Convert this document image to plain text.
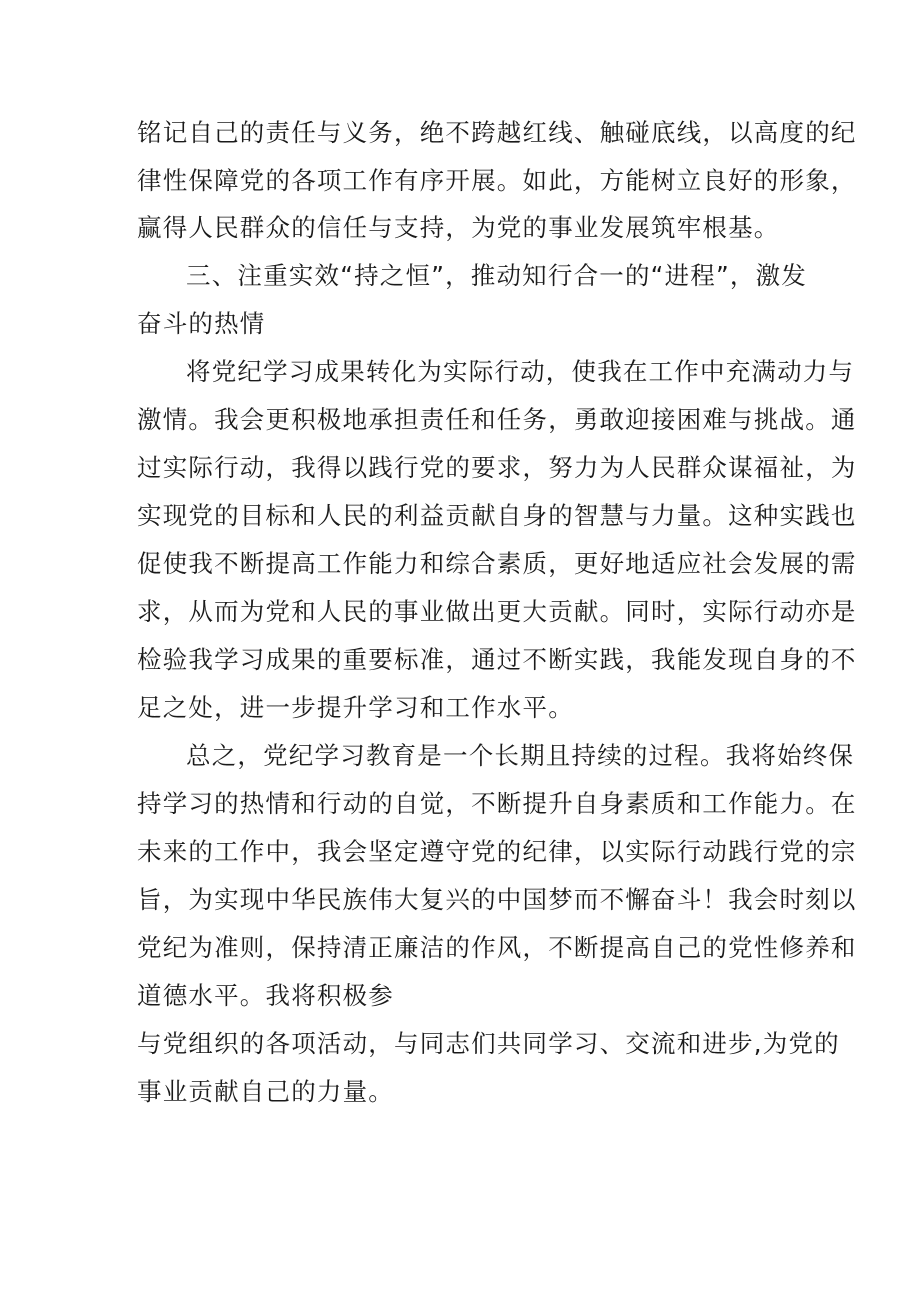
铭记自己的责任与义务，绝不跨越红线、触碰底线，以高度的纪
律性保障党的各项工作有序开展。如此，方能树立良好的形象，
赢得人民群众的信任与支持，为党的事业发展筑牢根基。
三、注重实效“持之恒”，推动知行合一的“进程”，激发
奋斗的热情
将党纪学习成果转化为实际行动，使我在工作中充满动力与
激情。我会更积极地承担责任和任务，勇敢迎接困难与挑战。通
过实际行动，我得以践行党的要求，努力为人民群众谋福祉，为
实现党的目标和人民的利益贡献自身的智慧与力量。这种实践也
促使我不断提高工作能力和综合素质，更好地适应社会发展的需
求，从而为党和人民的事业做出更大贡献。同时，实际行动亦是
检验我学习成果的重要标准，通过不断实践，我能发现自身的不
足之处，进一步提升学习和工作水平。
总之，党纪学习教育是一个长期且持续的过程。我将始终保
持学习的热情和行动的自觉，不断提升自身素质和工作能力。在
未来的工作中，我会坚定遵守党的纪律，以实际行动践行党的宗
旨，为实现中华民族伟大复兴的中国梦而不懈奋斗！我会时刻以
党纪为准则，保持清正廉洁的作风，不断提高自己的党性修养和
道德水平。我将积极参
与党组织的各项活动，与同志们共同学习、交流和进步,为党的
事业贡献自己的力量。
